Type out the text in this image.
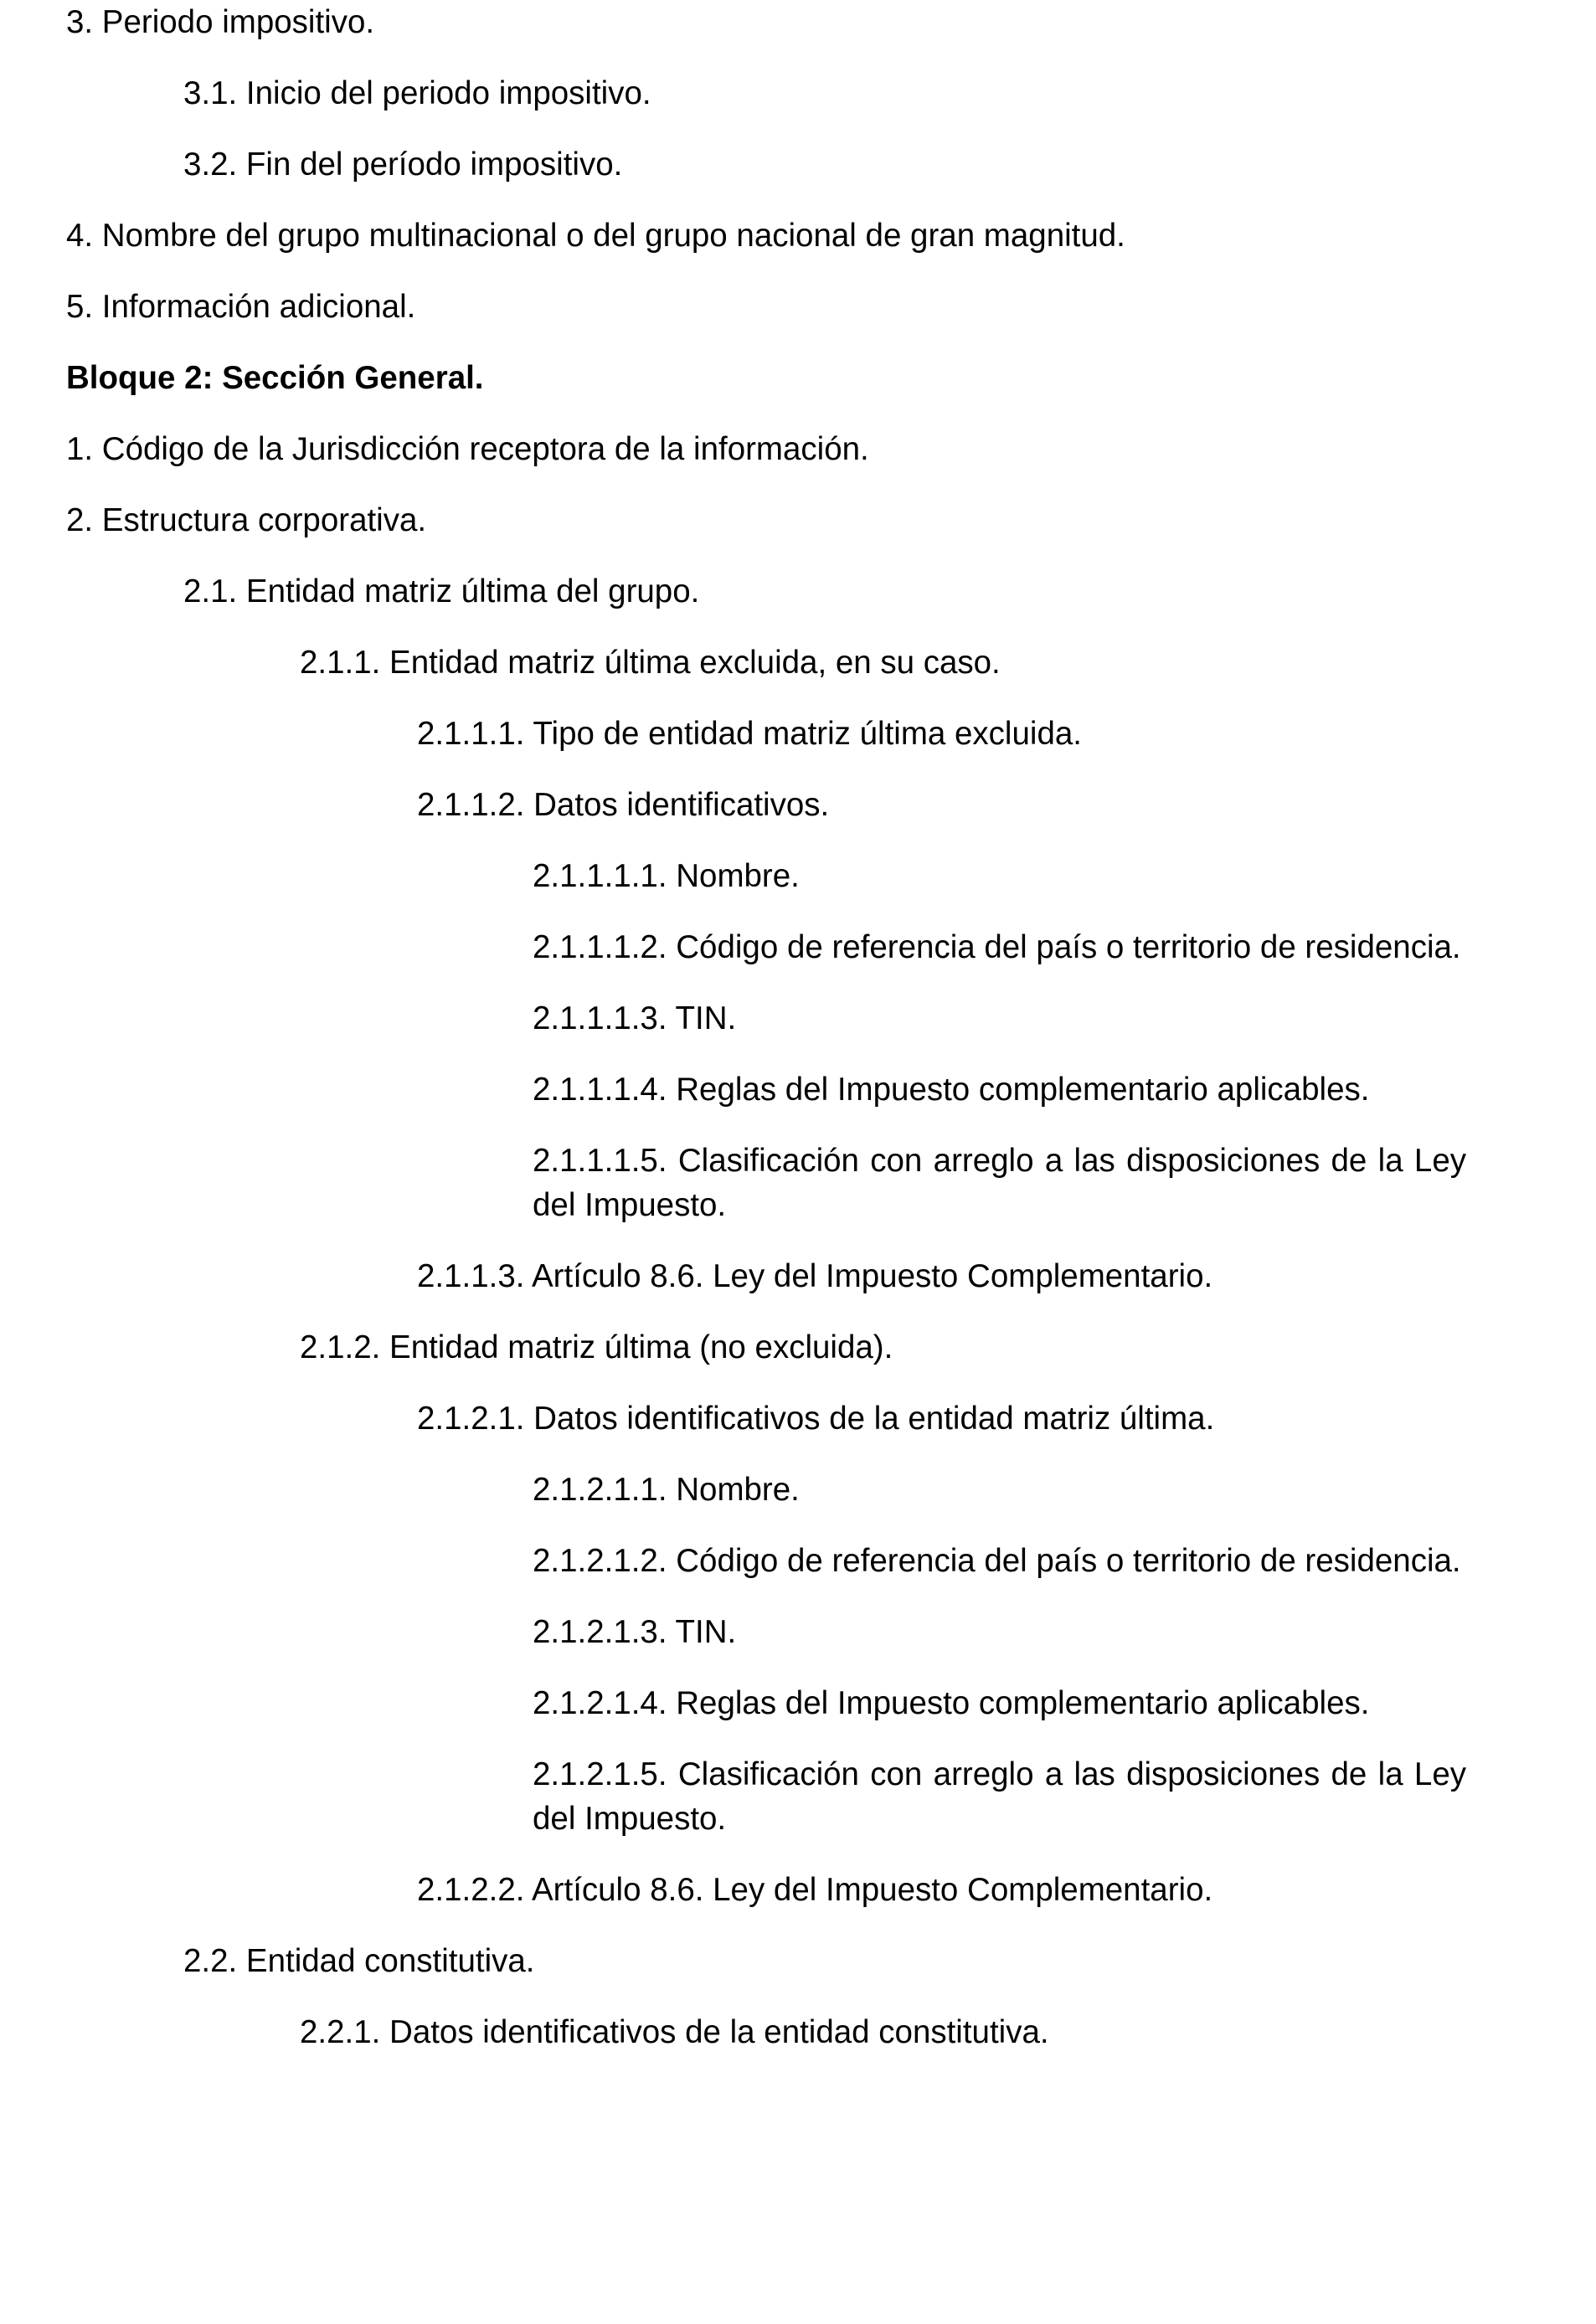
3. Periodo impositivo.

3.1. Inicio del periodo impositivo.

3.2. Fin del período impositivo.

4. Nombre del grupo multinacional o del grupo nacional de gran magnitud.

5. Información adicional.

Bloque 2: Sección General.

1. Código de la Jurisdicción receptora de la información.

2. Estructura corporativa.

2.1. Entidad matriz última del grupo.

2.1.1. Entidad matriz última excluida, en su caso.

2.1.1.1. Tipo de entidad matriz última excluida.

2.1.1.2. Datos identificativos.

2.1.1.1.1. Nombre.

2.1.1.1.2. Código de referencia del país o territorio de residencia.

2.1.1.1.3. TIN.

2.1.1.1.4. Reglas del Impuesto complementario aplicables.

2.1.1.1.5. Clasificación con arreglo a las disposiciones de la Ley del Impuesto.

2.1.1.3. Artículo 8.6. Ley del Impuesto Complementario.

2.1.2. Entidad matriz última (no excluida).

2.1.2.1. Datos identificativos de la entidad matriz última.

2.1.2.1.1. Nombre.

2.1.2.1.2. Código de referencia del país o territorio de residencia.

2.1.2.1.3. TIN.

2.1.2.1.4. Reglas del Impuesto complementario aplicables.

2.1.2.1.5. Clasificación con arreglo a las disposiciones de la Ley del Impuesto.

2.1.2.2. Artículo 8.6. Ley del Impuesto Complementario.

2.2. Entidad constitutiva.

2.2.1. Datos identificativos de la entidad constitutiva.
